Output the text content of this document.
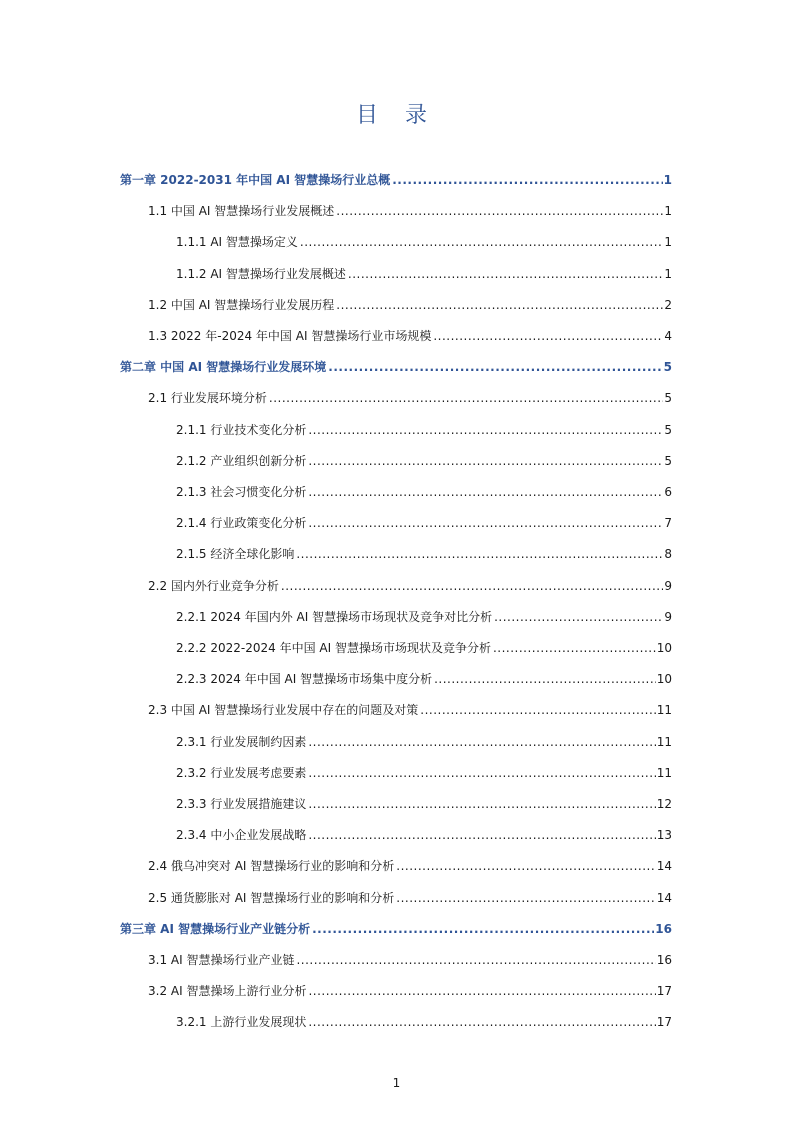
目 录
第一章 2022-2031 年中国 AI 智慧操场行业总概 .....	1
1.1 中国 AI 智慧操场行业发展概述 .....	1
1.1.1 AI 智慧操场定义 .....	1
1.1.2 AI 智慧操场行业发展概述 .....	1
1.2 中国 AI 智慧操场行业发展历程 .....	2
1.3 2022 年-2024 年中国 AI 智慧操场行业市场规模 .....	4
第二章 中国 AI 智慧操场行业发展环境 .....	5
2.1 行业发展环境分析 .....	5
2.1.1 行业技术变化分析 .....	5
2.1.2 产业组织创新分析 .....	5
2.1.3 社会习惯变化分析 .....	6
2.1.4 行业政策变化分析 .....	7
2.1.5 经济全球化影响 .....	8
2.2 国内外行业竞争分析 .....	9
2.2.1 2024 年国内外 AI 智慧操场市场现状及竞争对比分析 .....	9
2.2.2 2022-2024 年中国 AI 智慧操场市场现状及竞争分析 .....	10
2.2.3 2024 年中国 AI 智慧操场市场集中度分析 .....	10
2.3 中国 AI 智慧操场行业发展中存在的问题及对策 .....	11
2.3.1 行业发展制约因素 .....	11
2.3.2 行业发展考虑要素 .....	11
2.3.3 行业发展措施建议 .....	12
2.3.4 中小企业发展战略 .....	13
2.4 俄乌冲突对 AI 智慧操场行业的影响和分析 .....	14
2.5 通货膨胀对 AI 智慧操场行业的影响和分析 .....	14
第三章 AI 智慧操场行业产业链分析 .....	16
3.1 AI 智慧操场行业产业链 .....	16
3.2 AI 智慧操场上游行业分析 .....	17
3.2.1 上游行业发展现状 .....	17
1
